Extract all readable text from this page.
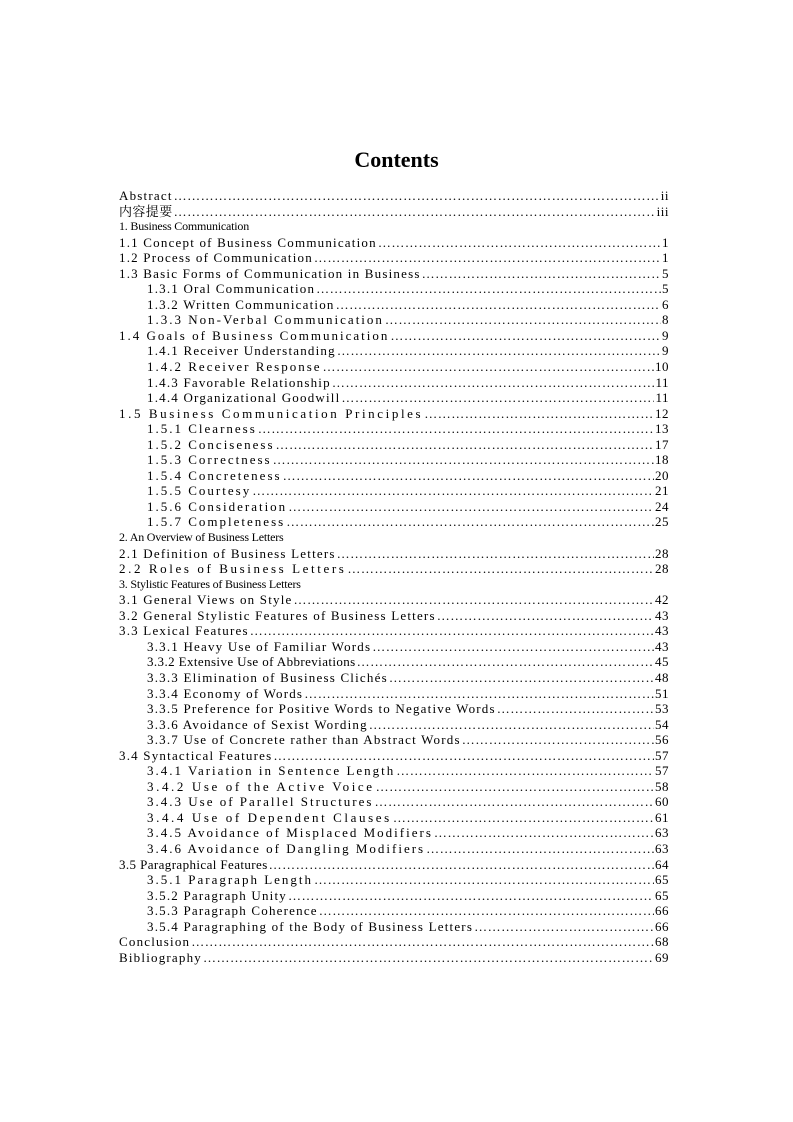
Contents
Abstract ………………………………………………………………………………………………………………………………………………………………………………………………	ii
内容提要 ………………………………………………………………………………………………………………………………………………………………………………………………	iii
1. Business Communication
1.1 Concept of Business Communication ………………………………………………………………………………………………………………………………………………………………………………………………	1
1.2 Process of Communication ………………………………………………………………………………………………………………………………………………………………………………………………	1
1.3 Basic Forms of Communication in Business ………………………………………………………………………………………………………………………………………………………………………………………………	5
1.3.1 Oral Communication ………………………………………………………………………………………………………………………………………………………………………………………………	5
1.3.2 Written Communication ………………………………………………………………………………………………………………………………………………………………………………………………	6
1.3.3 Non-Verbal Communication ………………………………………………………………………………………………………………………………………………………………………………………………	8
1.4 Goals of Business Communication ………………………………………………………………………………………………………………………………………………………………………………………………	9
1.4.1 Receiver Understanding ………………………………………………………………………………………………………………………………………………………………………………………………	9
1.4.2 Receiver Response ………………………………………………………………………………………………………………………………………………………………………………………………	10
1.4.3 Favorable Relationship ………………………………………………………………………………………………………………………………………………………………………………………………	11
1.4.4 Organizational Goodwill ………………………………………………………………………………………………………………………………………………………………………………………………	11
1.5 Business Communication Principles ………………………………………………………………………………………………………………………………………………………………………………………………	12
1.5.1 Clearness ………………………………………………………………………………………………………………………………………………………………………………………………	13
1.5.2 Conciseness ………………………………………………………………………………………………………………………………………………………………………………………………	17
1.5.3 Correctness ………………………………………………………………………………………………………………………………………………………………………………………………	18
1.5.4 Concreteness ………………………………………………………………………………………………………………………………………………………………………………………………	20
1.5.5 Courtesy ………………………………………………………………………………………………………………………………………………………………………………………………	21
1.5.6 Consideration ………………………………………………………………………………………………………………………………………………………………………………………………	24
1.5.7 Completeness ………………………………………………………………………………………………………………………………………………………………………………………………	25
2. An Overview of Business Letters
2.1 Definition of Business Letters ………………………………………………………………………………………………………………………………………………………………………………………………	28
2.2 Roles of Business Letters ………………………………………………………………………………………………………………………………………………………………………………………………	28
3. Stylistic Features of Business Letters
3.1 General Views on Style ………………………………………………………………………………………………………………………………………………………………………………………………	42
3.2 General Stylistic Features of Business Letters ………………………………………………………………………………………………………………………………………………………………………………………………	43
3.3 Lexical Features ………………………………………………………………………………………………………………………………………………………………………………………………	43
3.3.1 Heavy Use of Familiar Words ………………………………………………………………………………………………………………………………………………………………………………………………	43
3.3.2 Extensive Use of Abbreviations ………………………………………………………………………………………………………………………………………………………………………………………………	45
3.3.3 Elimination of Business Clichés ………………………………………………………………………………………………………………………………………………………………………………………………	48
3.3.4 Economy of Words ………………………………………………………………………………………………………………………………………………………………………………………………	51
3.3.5 Preference for Positive Words to Negative Words ………………………………………………………………………………………………………………………………………………………………………………………………	53
3.3.6 Avoidance of Sexist Wording ………………………………………………………………………………………………………………………………………………………………………………………………	54
3.3.7 Use of Concrete rather than Abstract Words ………………………………………………………………………………………………………………………………………………………………………………………………	56
3.4 Syntactical Features ………………………………………………………………………………………………………………………………………………………………………………………………	57
3.4.1 Variation in Sentence Length ………………………………………………………………………………………………………………………………………………………………………………………………	57
3.4.2 Use of the Active Voice ………………………………………………………………………………………………………………………………………………………………………………………………	58
3.4.3 Use of Parallel Structures ………………………………………………………………………………………………………………………………………………………………………………………………	60
3.4.4 Use of Dependent Clauses ………………………………………………………………………………………………………………………………………………………………………………………………	61
3.4.5 Avoidance of Misplaced Modifiers ………………………………………………………………………………………………………………………………………………………………………………………………	63
3.4.6 Avoidance of Dangling Modifiers ………………………………………………………………………………………………………………………………………………………………………………………………	63
3.5 Paragraphical Features ………………………………………………………………………………………………………………………………………………………………………………………………	64
3.5.1 Paragraph Length ………………………………………………………………………………………………………………………………………………………………………………………………	65
3.5.2 Paragraph Unity ………………………………………………………………………………………………………………………………………………………………………………………………	65
3.5.3 Paragraph Coherence ………………………………………………………………………………………………………………………………………………………………………………………………	66
3.5.4 Paragraphing of the Body of Business Letters ………………………………………………………………………………………………………………………………………………………………………………………………	66
Conclusion ………………………………………………………………………………………………………………………………………………………………………………………………	68
Bibliography ………………………………………………………………………………………………………………………………………………………………………………………………	69
